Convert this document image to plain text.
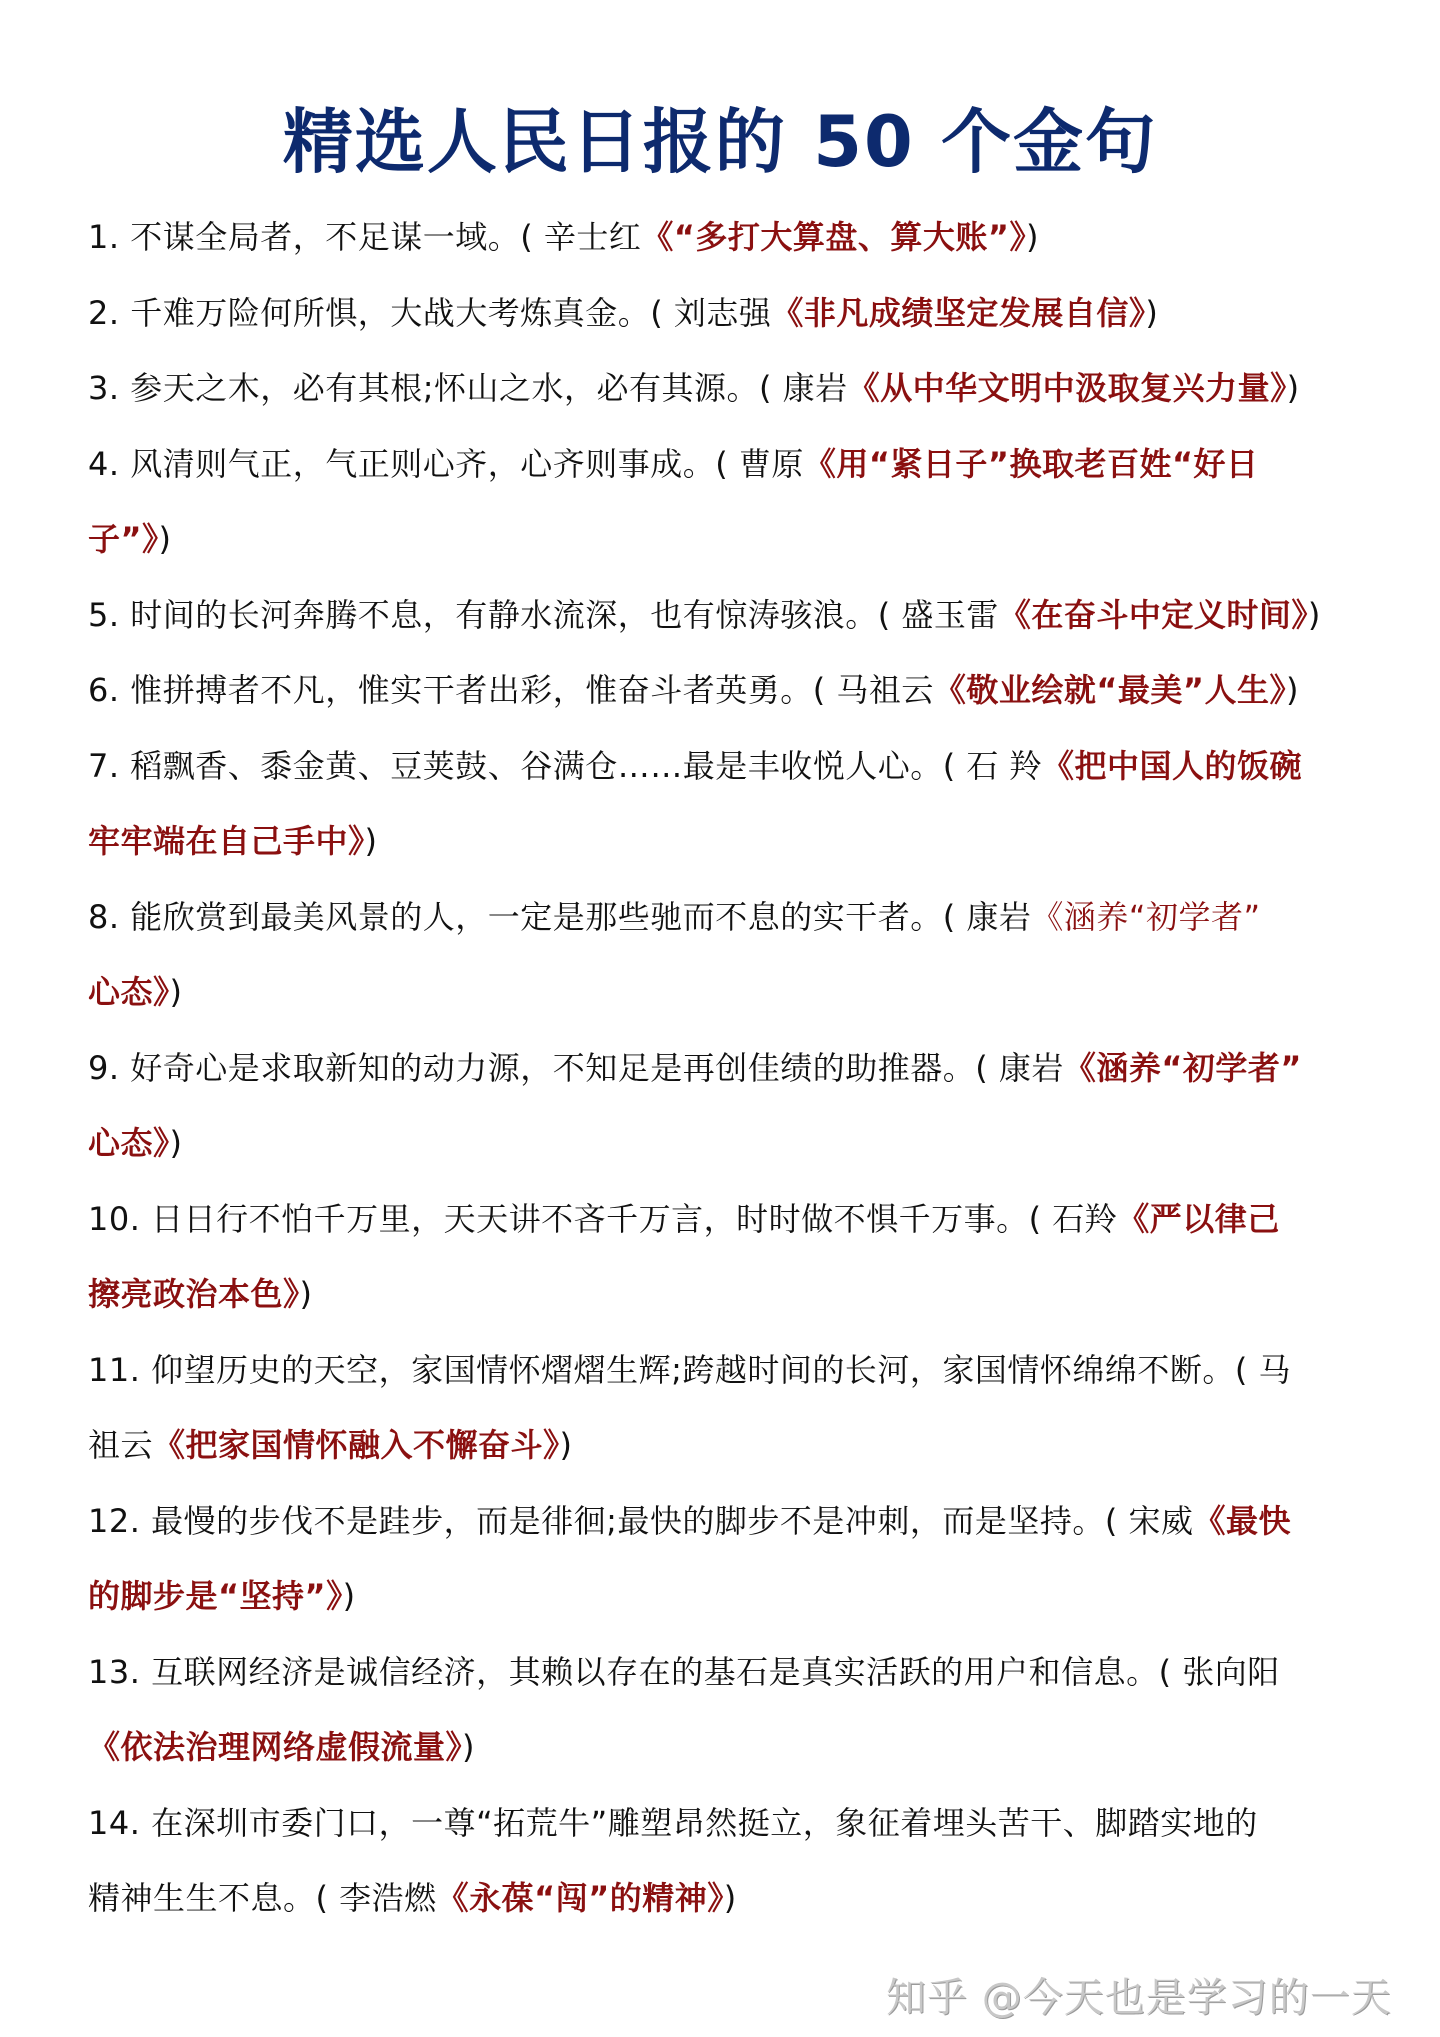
精选人民日报的 50 个金句
1. 不谋全局者，不足谋一域。( 辛士红《“多打大算盘、算大账”》)
2. 千难万险何所惧，大战大考炼真金。( 刘志强《非凡成绩坚定发展自信》)
3. 参天之木，必有其根;怀山之水，必有其源。( 康岩《从中华文明中汲取复兴力量》)
4. 风清则气正，气正则心齐，心齐则事成。( 曹原《用“紧日子”换取老百姓“好日
子”》)
5. 时间的长河奔腾不息，有静水流深，也有惊涛骇浪。( 盛玉雷《在奋斗中定义时间》)
6. 惟拼搏者不凡，惟实干者出彩，惟奋斗者英勇。( 马祖云《敬业绘就“最美”人生》)
7. 稻飘香、黍金黄、豆荚鼓、谷满仓……最是丰收悦人心。( 石 羚《把中国人的饭碗
牢牢端在自己手中》)
8. 能欣赏到最美风景的人，一定是那些驰而不息的实干者。( 康岩《涵养“初学者”
心态》)
9. 好奇心是求取新知的动力源，不知足是再创佳绩的助推器。( 康岩《涵养“初学者”
心态》)
10. 日日行不怕千万里，天天讲不吝千万言，时时做不惧千万事。( 石羚《严以律己
擦亮政治本色》)
11. 仰望历史的天空，家国情怀熠熠生辉;跨越时间的长河，家国情怀绵绵不断。( 马
祖云《把家国情怀融入不懈奋斗》)
12. 最慢的步伐不是跬步，而是徘徊;最快的脚步不是冲刺，而是坚持。( 宋威《最快
的脚步是“坚持”》)
13. 互联网经济是诚信经济，其赖以存在的基石是真实活跃的用户和信息。( 张向阳
《依法治理网络虚假流量》)
14. 在深圳市委门口，一尊“拓荒牛”雕塑昂然挺立，象征着埋头苦干、脚踏实地的
精神生生不息。( 李浩燃《永葆“闯”的精神》)
知乎 @今天也是学习的一天
